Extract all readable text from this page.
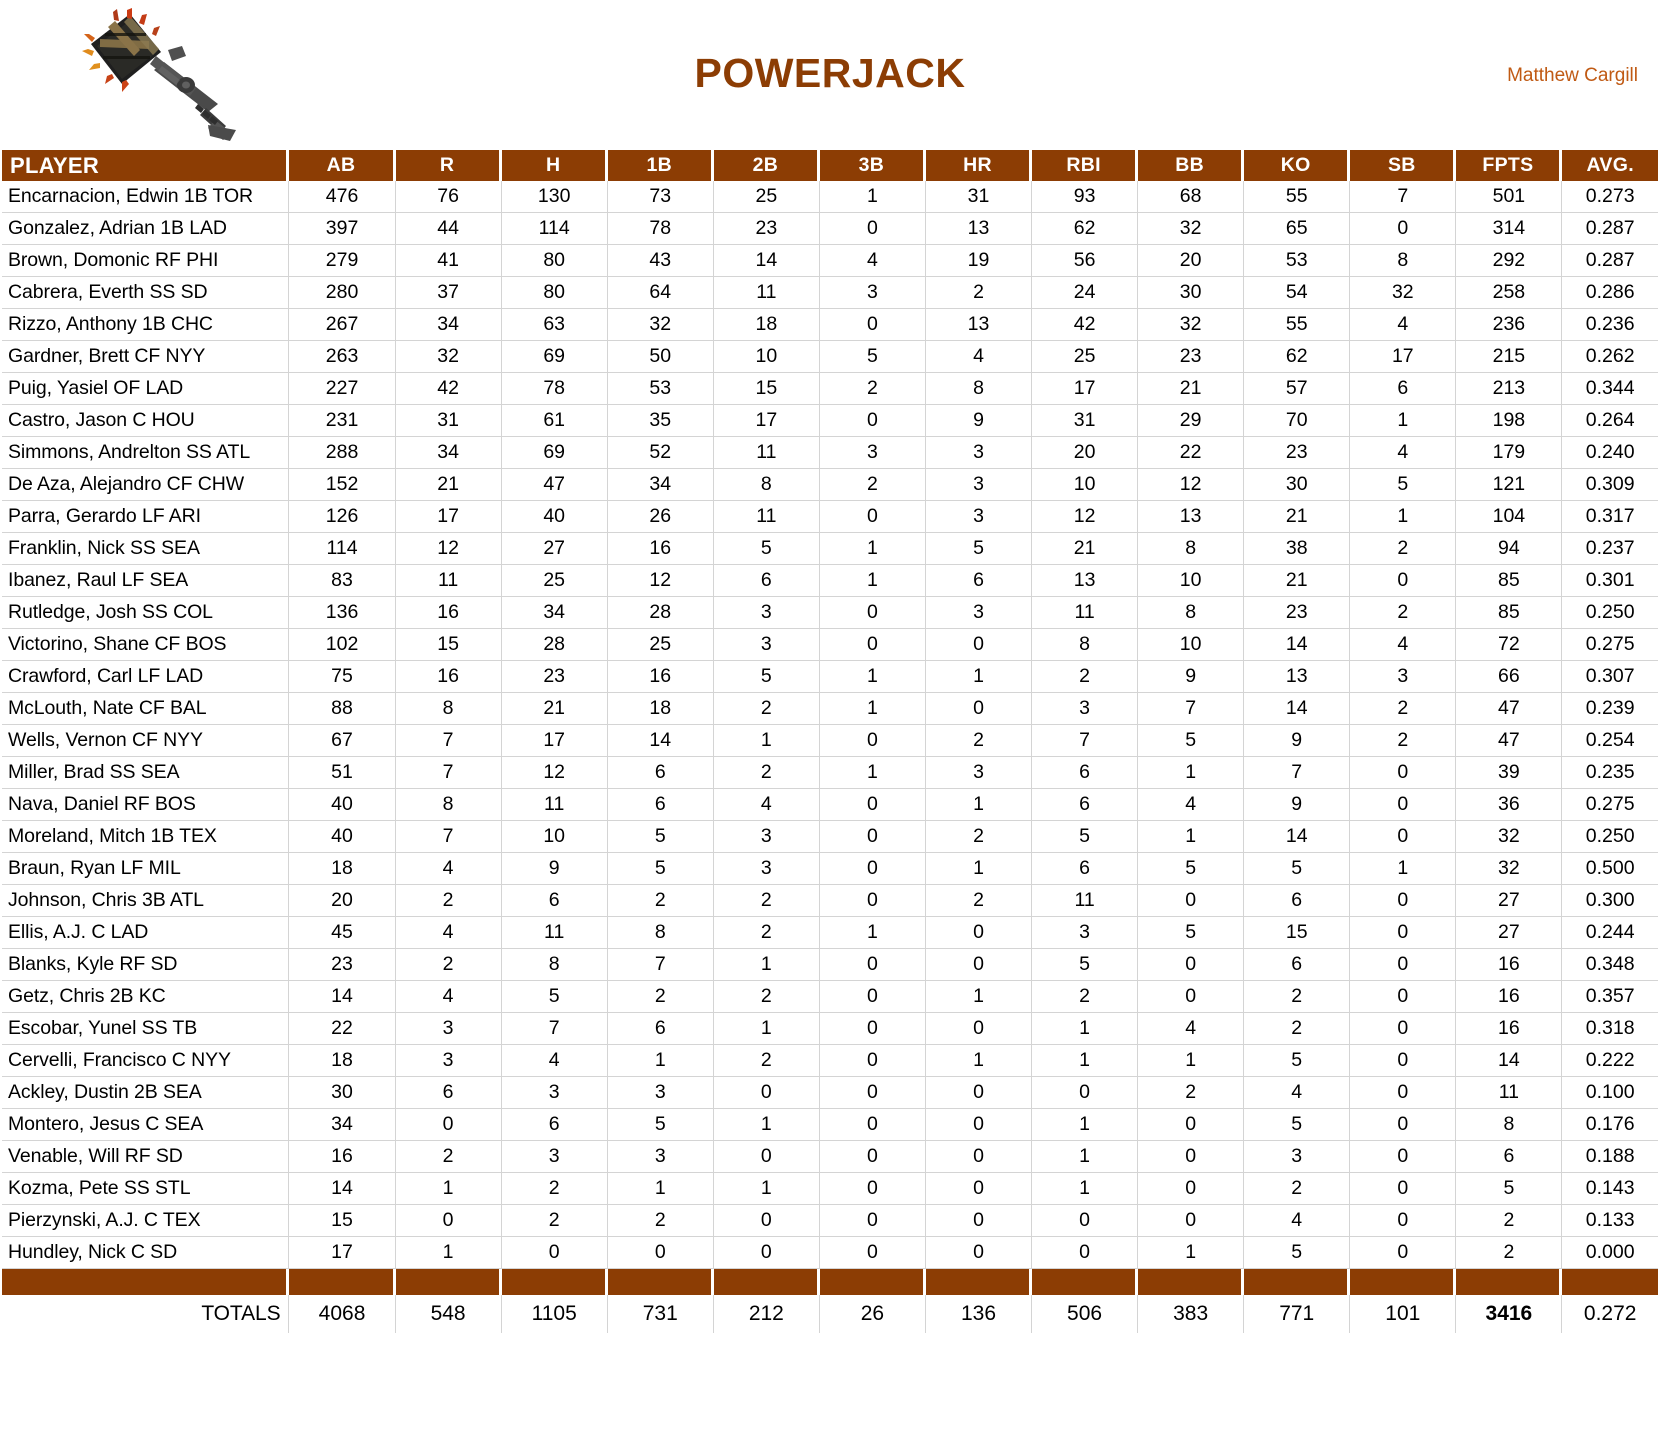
POWERJACK	Matthew Cargill
PLAYER	AB	R	H	1B	2B	3B	HR	RBI	BB	KO	SB	FPTS	AVG.
Encarnacion, Edwin 1B TOR	476	76	130	73	25	1	31	93	68	55	7	501	0.273
Gonzalez, Adrian 1B LAD	397	44	114	78	23	0	13	62	32	65	0	314	0.287
Brown, Domonic RF PHI	279	41	80	43	14	4	19	56	20	53	8	292	0.287
Cabrera, Everth SS SD	280	37	80	64	11	3	2	24	30	54	32	258	0.286
Rizzo, Anthony 1B CHC	267	34	63	32	18	0	13	42	32	55	4	236	0.236
Gardner, Brett CF NYY	263	32	69	50	10	5	4	25	23	62	17	215	0.262
Puig, Yasiel OF LAD	227	42	78	53	15	2	8	17	21	57	6	213	0.344
Castro, Jason C HOU	231	31	61	35	17	0	9	31	29	70	1	198	0.264
Simmons, Andrelton SS ATL	288	34	69	52	11	3	3	20	22	23	4	179	0.240
De Aza, Alejandro CF CHW	152	21	47	34	8	2	3	10	12	30	5	121	0.309
Parra, Gerardo LF ARI	126	17	40	26	11	0	3	12	13	21	1	104	0.317
Franklin, Nick SS SEA	114	12	27	16	5	1	5	21	8	38	2	94	0.237
Ibanez, Raul LF SEA	83	11	25	12	6	1	6	13	10	21	0	85	0.301
Rutledge, Josh SS COL	136	16	34	28	3	0	3	11	8	23	2	85	0.250
Victorino, Shane CF BOS	102	15	28	25	3	0	0	8	10	14	4	72	0.275
Crawford, Carl LF LAD	75	16	23	16	5	1	1	2	9	13	3	66	0.307
McLouth, Nate CF BAL	88	8	21	18	2	1	0	3	7	14	2	47	0.239
Wells, Vernon CF NYY	67	7	17	14	1	0	2	7	5	9	2	47	0.254
Miller, Brad SS SEA	51	7	12	6	2	1	3	6	1	7	0	39	0.235
Nava, Daniel RF BOS	40	8	11	6	4	0	1	6	4	9	0	36	0.275
Moreland, Mitch 1B TEX	40	7	10	5	3	0	2	5	1	14	0	32	0.250
Braun, Ryan LF MIL	18	4	9	5	3	0	1	6	5	5	1	32	0.500
Johnson, Chris 3B ATL	20	2	6	2	2	0	2	11	0	6	0	27	0.300
Ellis, A.J. C LAD	45	4	11	8	2	1	0	3	5	15	0	27	0.244
Blanks, Kyle RF SD	23	2	8	7	1	0	0	5	0	6	0	16	0.348
Getz, Chris 2B KC	14	4	5	2	2	0	1	2	0	2	0	16	0.357
Escobar, Yunel SS TB	22	3	7	6	1	0	0	1	4	2	0	16	0.318
Cervelli, Francisco C NYY	18	3	4	1	2	0	1	1	1	5	0	14	0.222
Ackley, Dustin 2B SEA	30	6	3	3	0	0	0	0	2	4	0	11	0.100
Montero, Jesus C SEA	34	0	6	5	1	0	0	1	0	5	0	8	0.176
Venable, Will RF SD	16	2	3	3	0	0	0	1	0	3	0	6	0.188
Kozma, Pete SS STL	14	1	2	1	1	0	0	1	0	2	0	5	0.143
Pierzynski, A.J. C TEX	15	0	2	2	0	0	0	0	0	4	0	2	0.133
Hundley, Nick C SD	17	1	0	0	0	0	0	0	1	5	0	2	0.000

TOTALS	4068	548	1105	731	212	26	136	506	383	771	101	3416	0.272
